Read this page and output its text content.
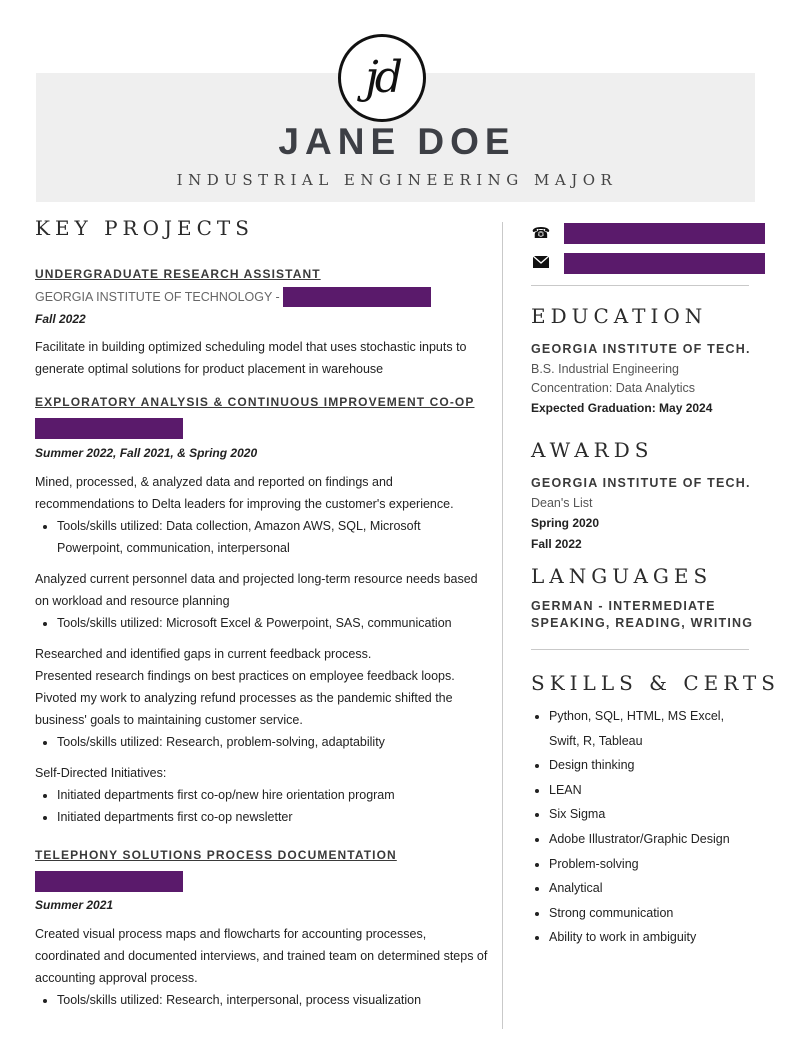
jd
JANE DOE
INDUSTRIAL ENGINEERING MAJOR
KEY PROJECTS
UNDERGRADUATE RESEARCH ASSISTANT
GEORGIA INSTITUTE OF TECHNOLOGY -
Fall 2022

Facilitate in building optimized scheduling model that uses stochastic inputs to generate optimal solutions for product placement in warehouse

EXPLORATORY ANALYSIS & CONTINUOUS IMPROVEMENT CO-OP
Summer 2022, Fall 2021, & Spring 2020

Mined, processed, & analyzed data and reported on findings and recommendations to Delta leaders for improving the customer's experience.

• Tools/skills utilized: Data collection, Amazon AWS, SQL, Microsoft Powerpoint, communication, interpersonal

Analyzed current personnel data and projected long-term resource needs based on workload and resource planning

• Tools/skills utilized: Microsoft Excel & Powerpoint, SAS, communication

Researched and identified gaps in current feedback process.

Presented research findings on best practices on employee feedback loops.

Pivoted my work to analyzing refund processes as the pandemic shifted the business' goals to maintaining customer service.

• Tools/skills utilized: Research, problem-solving, adaptability

Self-Directed Initiatives:

• Initiated departments first co-op/new hire orientation program
• Initiated departments first co-op newsletter
TELEPHONY SOLUTIONS PROCESS DOCUMENTATION
Summer 2021

Created visual process maps and flowcharts for accounting processes, coordinated and documented interviews, and trained team on determined steps of accounting approval process.

• Tools/skills utilized: Research, interpersonal, process visualization
☎
EDUCATION
GEORGIA INSTITUTE OF TECH.
B.S. Industrial Engineering
Concentration: Data Analytics
Expected Graduation: May 2024
AWARDS
GEORGIA INSTITUTE OF TECH.
Dean's List
Spring 2020
Fall 2022
LANGUAGES
GERMAN - INTERMEDIATE
SPEAKING, READING, WRITING
SKILLS & CERTS
• Python, SQL, HTML, MS Excel, Swift, R, Tableau
• Design thinking
• LEAN
• Six Sigma
• Adobe Illustrator/Graphic Design
• Problem-solving
• Analytical
• Strong communication
• Ability to work in ambiguity
